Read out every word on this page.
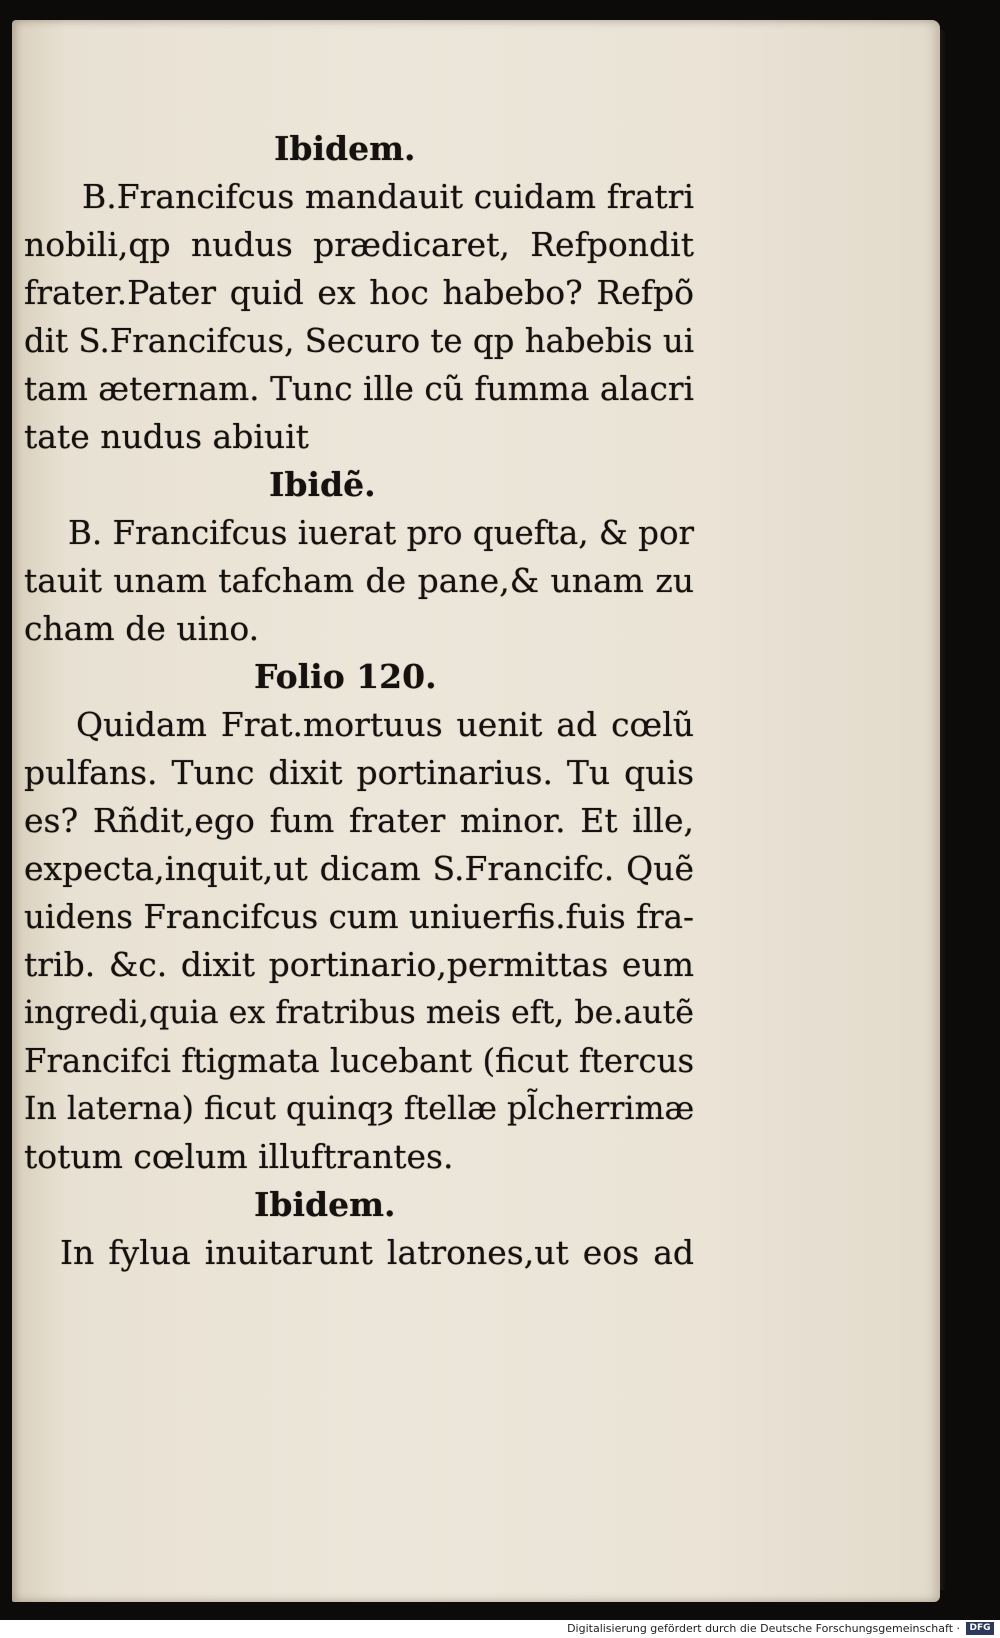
Ibidem.
B.Francifcus mandauit cuidam fratri
nobili,qp nudus prædicaret, Refpondit
frater.Pater quid ex hoc habebo? Refpõ
dit S.Francifcus, Securo te qp habebis ui
tam æternam. Tunc ille cũ fumma alacri
tate nudus abiuit
Ibidẽ.
B. Francifcus iuerat pro quefta, & por
tauit unam tafcham de pane,& unam zu
cham de uino.
Folio 120.
Quidam Frat.mortuus uenit ad cœlũ
pulfans. Tunc dixit portinarius. Tu quis
es? Rñdit,ego fum frater minor. Et ille,
expecta,inquit,ut dicam S.Francifc. Quẽ
uidens Francifcus cum uniuerfis.fuis fra-
trib. &c. dixit portinario,permittas eum
ingredi,quia ex fratribus meis eft, be.autẽ
Francifci ftigmata lucebant (ficut ftercus
In laterna) ficut quinqȝ ftellæ pl̃cherrimæ
totum cœlum illuftrantes.
Ibidem.
In fylua inuitarunt latrones,ut eos ad
Digitalisierung gefördert durch die Deutsche Forschungsgemeinschaft ·	DFG
